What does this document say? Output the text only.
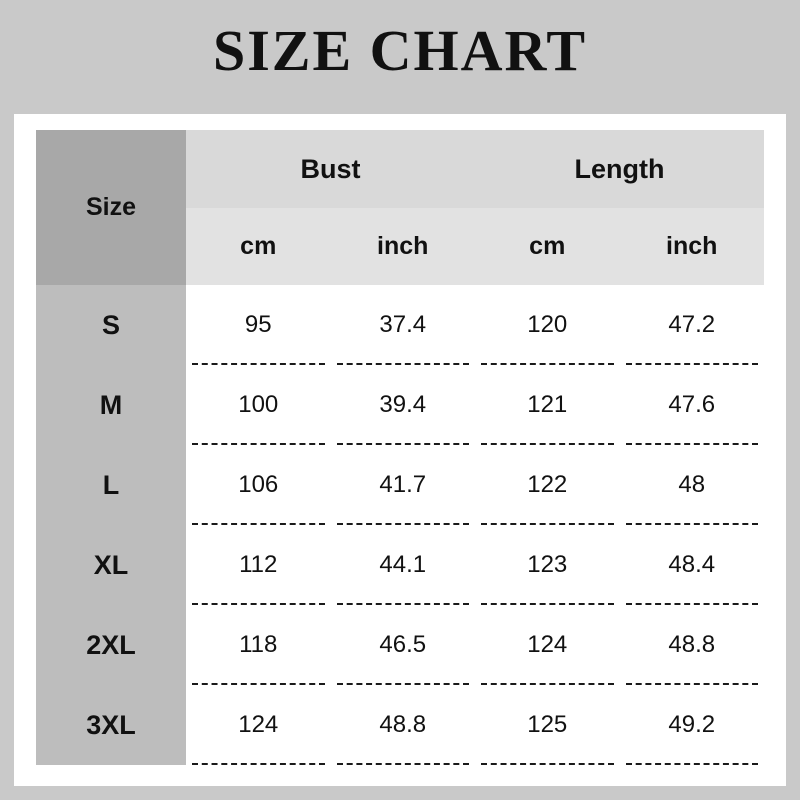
SIZE CHART
Size	Bust		Length	
	cm	inch	cm	inch
S	95	37.4	120	47.2

M	100	39.4	121	47.6

L	106	41.7	122	48

XL	112	44.1	123	48.4

2XL	118	46.5	124	48.8

3XL	124	48.8	125	49.2
